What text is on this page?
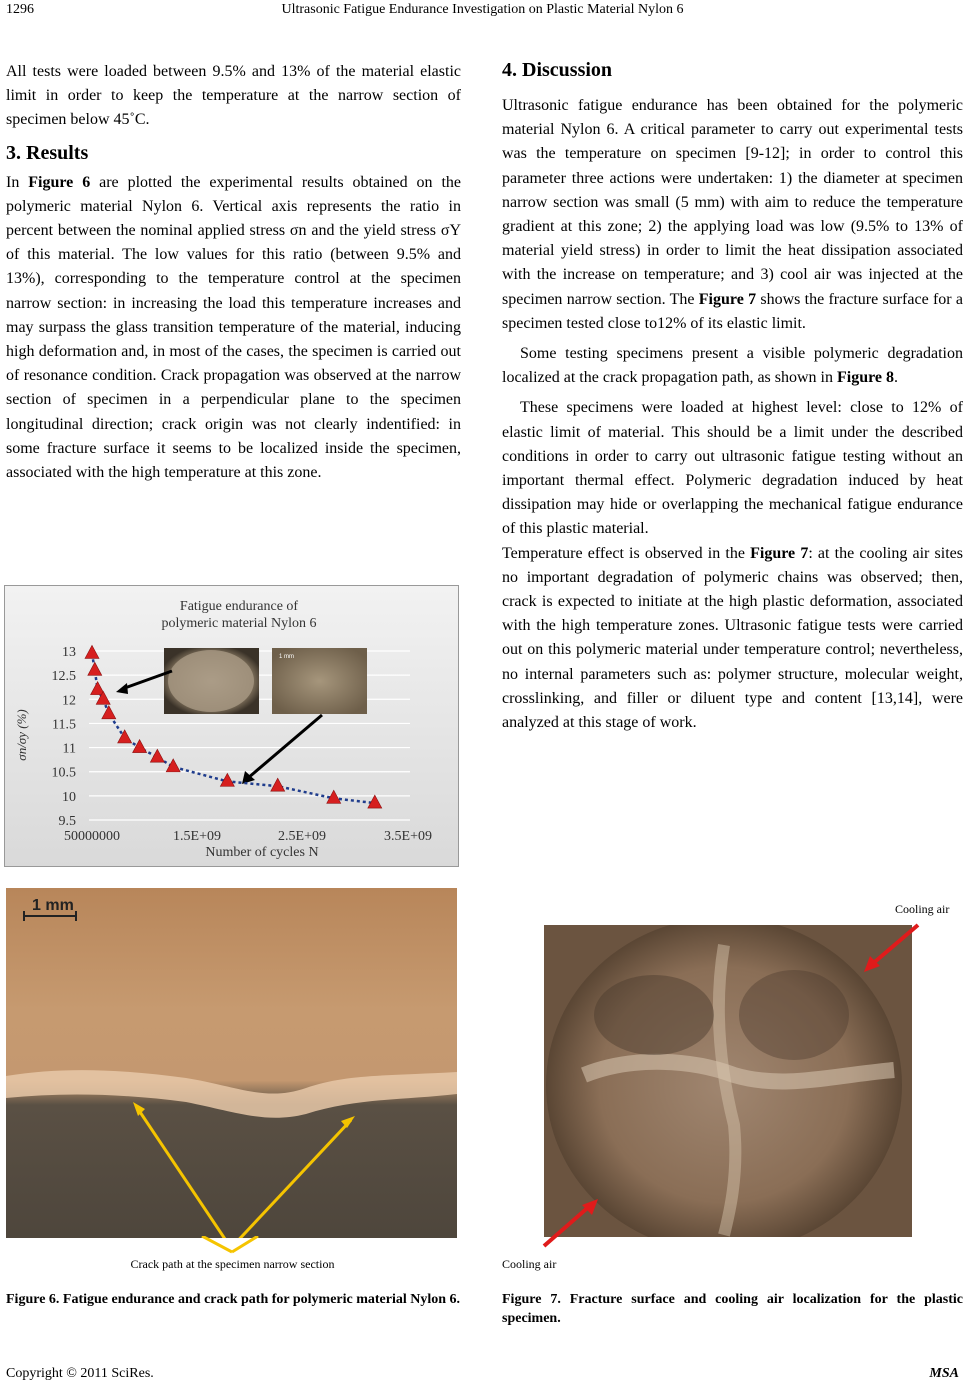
Ultrasonic Fatigue Endurance Investigation on Plastic Material Nylon 6
1296

All tests were loaded between 9.5% and 13% of the material elastic limit in order to keep the temperature at the narrow section of specimen below 45˚C.

3. Results

In Figure 6 are plotted the experimental results obtained on the polymeric material Nylon 6. Vertical axis represents the ratio in percent between the nominal applied stress σn and the yield stress σY of this material. The low values for this ratio (between 9.5% and 13%), corresponding to the temperature control at the specimen narrow section: in increasing the load this temperature increases and may surpass the glass transition temperature of the material, inducing high deformation and, in most of the cases, the specimen is carried out of resonance condition. Crack propagation was observed at the narrow section of specimen in a perpendicular plane to the specimen longitudinal direction; crack origin was not clearly indentified: in some fracture surface it seems to be localized inside the specimen, associated with the high temperature at this zone.

4. Discussion

Ultrasonic fatigue endurance has been obtained for the polymeric material Nylon 6. A critical parameter to carry out experimental tests was the temperature on specimen [9-12]; in order to control this parameter three actions were undertaken: 1) the diameter at specimen narrow section was small (5 mm) with aim to reduce the temperature gradient at this zone; 2) the applying load was low (9.5% to 13% of material yield stress) in order to limit the heat dissipation associated with the increase on temperature; and 3) cool air was injected at the specimen narrow section. The Figure 7 shows the fracture surface for a specimen tested close to12% of its elastic limit.

Some testing specimens present a visible polymeric degradation localized at the crack propagation path, as shown in Figure 8.

These specimens were loaded at highest level: close to 12% of elastic limit of material. This should be a limit under the described conditions in order to carry out ultrasonic fatigue testing without an important thermal effect. Polymeric degradation induced by heat dissipation may hide or overlapping the mechanical fatigue endurance of this plastic material.

Temperature effect is observed in the Figure 7: at the cooling air sites no important degradation of polymeric chains was observed; then, crack is expected to initiate at the high plastic deformation, associated with the high temperature zones. Ultrasonic fatigue tests were carried out on this polymeric material under temperature control; nevertheless, no internal parameters such as: polymer structure, molecular weight, crosslinking, and filler or diluent type and content [13,14], were analyzed at this stage of work.

Fatigue endurance of
polymeric material Nylon 6
9.5
10
10.5
11
11.5
12
12.5
13
50000000	1.5E+09	2.5E+09	3.5E+09
σn/σy (%)
Number of cycles N
1 mm
1 mm
Crack path at the specimen narrow section
Figure 6. Fatigue endurance and crack path for polymeric material Nylon 6.
Cooling air
Cooling air
Figure 7. Fracture surface and cooling air localization for the plastic specimen.
Copyright © 2011 SciRes.	MSA
